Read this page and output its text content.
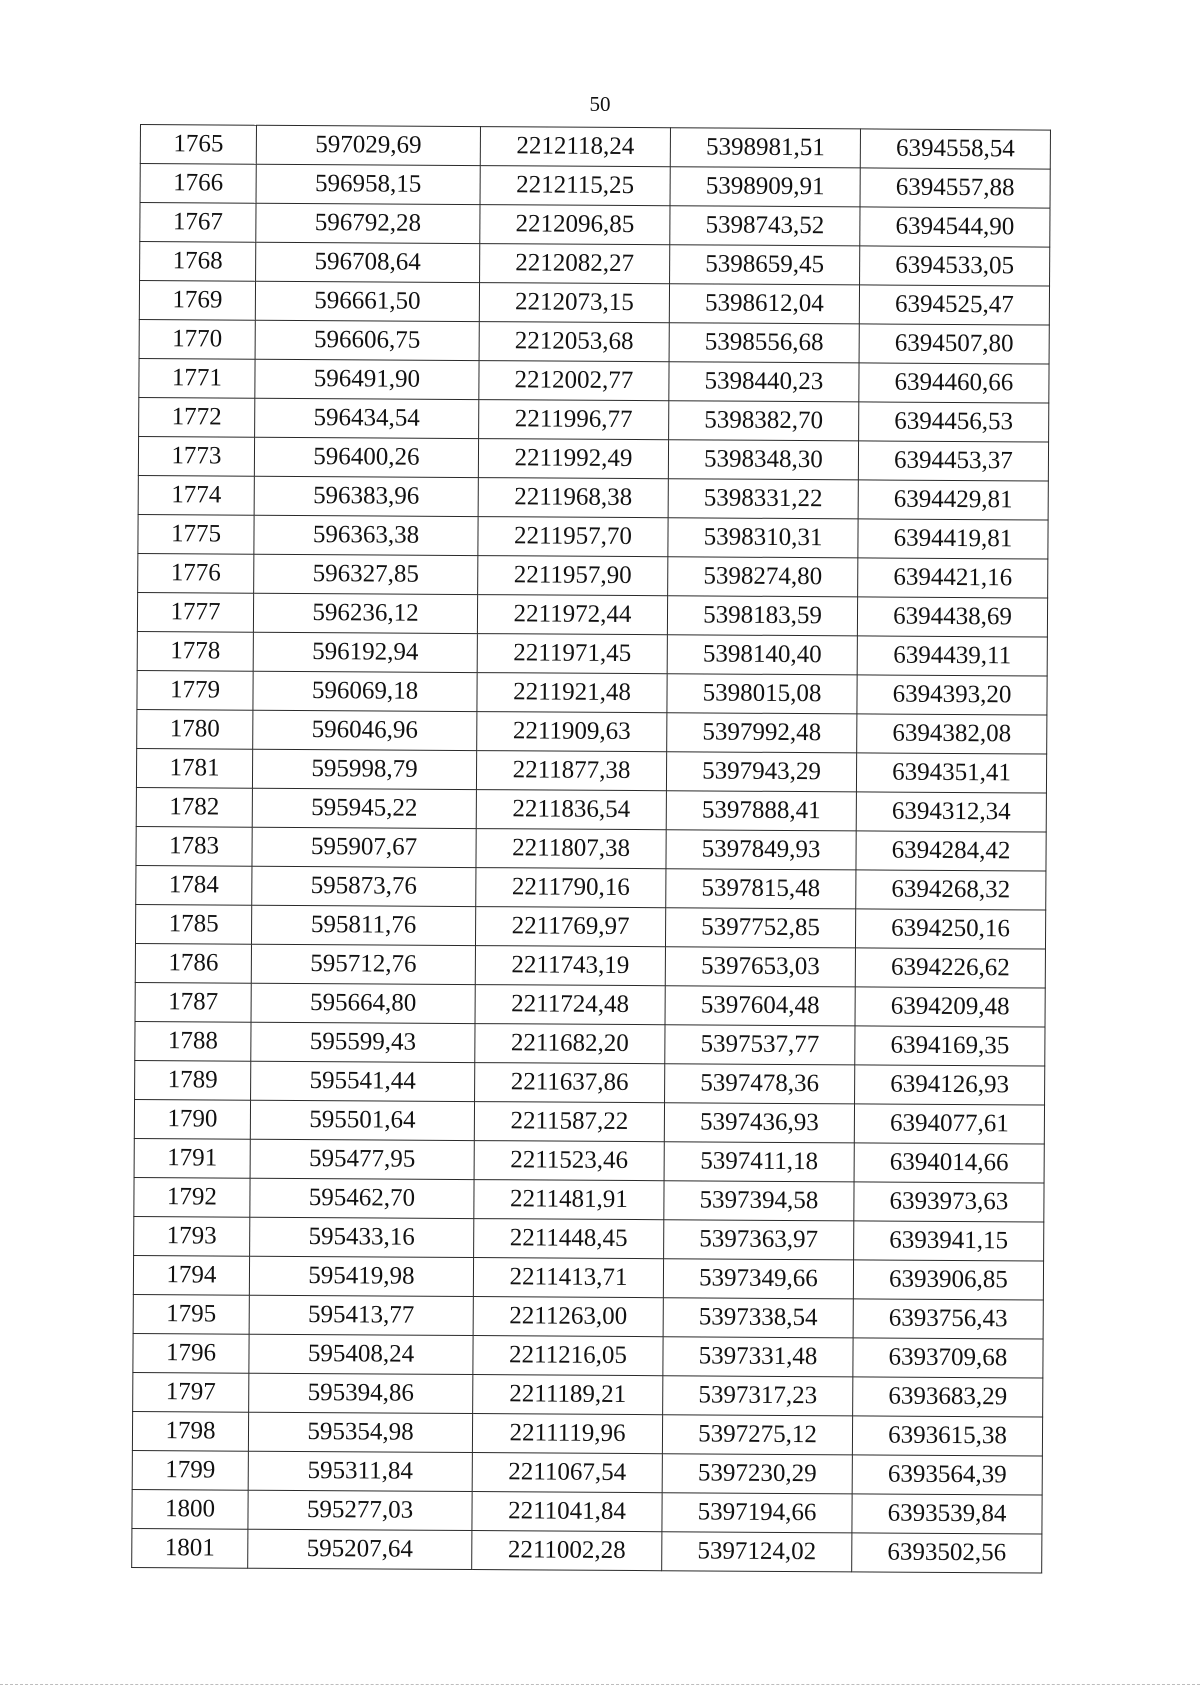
50
1765	597029,69	2212118,24	5398981,51	6394558,54
1766	596958,15	2212115,25	5398909,91	6394557,88
1767	596792,28	2212096,85	5398743,52	6394544,90
1768	596708,64	2212082,27	5398659,45	6394533,05
1769	596661,50	2212073,15	5398612,04	6394525,47
1770	596606,75	2212053,68	5398556,68	6394507,80
1771	596491,90	2212002,77	5398440,23	6394460,66
1772	596434,54	2211996,77	5398382,70	6394456,53
1773	596400,26	2211992,49	5398348,30	6394453,37
1774	596383,96	2211968,38	5398331,22	6394429,81
1775	596363,38	2211957,70	5398310,31	6394419,81
1776	596327,85	2211957,90	5398274,80	6394421,16
1777	596236,12	2211972,44	5398183,59	6394438,69
1778	596192,94	2211971,45	5398140,40	6394439,11
1779	596069,18	2211921,48	5398015,08	6394393,20
1780	596046,96	2211909,63	5397992,48	6394382,08
1781	595998,79	2211877,38	5397943,29	6394351,41
1782	595945,22	2211836,54	5397888,41	6394312,34
1783	595907,67	2211807,38	5397849,93	6394284,42
1784	595873,76	2211790,16	5397815,48	6394268,32
1785	595811,76	2211769,97	5397752,85	6394250,16
1786	595712,76	2211743,19	5397653,03	6394226,62
1787	595664,80	2211724,48	5397604,48	6394209,48
1788	595599,43	2211682,20	5397537,77	6394169,35
1789	595541,44	2211637,86	5397478,36	6394126,93
1790	595501,64	2211587,22	5397436,93	6394077,61
1791	595477,95	2211523,46	5397411,18	6394014,66
1792	595462,70	2211481,91	5397394,58	6393973,63
1793	595433,16	2211448,45	5397363,97	6393941,15
1794	595419,98	2211413,71	5397349,66	6393906,85
1795	595413,77	2211263,00	5397338,54	6393756,43
1796	595408,24	2211216,05	5397331,48	6393709,68
1797	595394,86	2211189,21	5397317,23	6393683,29
1798	595354,98	2211119,96	5397275,12	6393615,38
1799	595311,84	2211067,54	5397230,29	6393564,39
1800	595277,03	2211041,84	5397194,66	6393539,84
1801	595207,64	2211002,28	5397124,02	6393502,56
